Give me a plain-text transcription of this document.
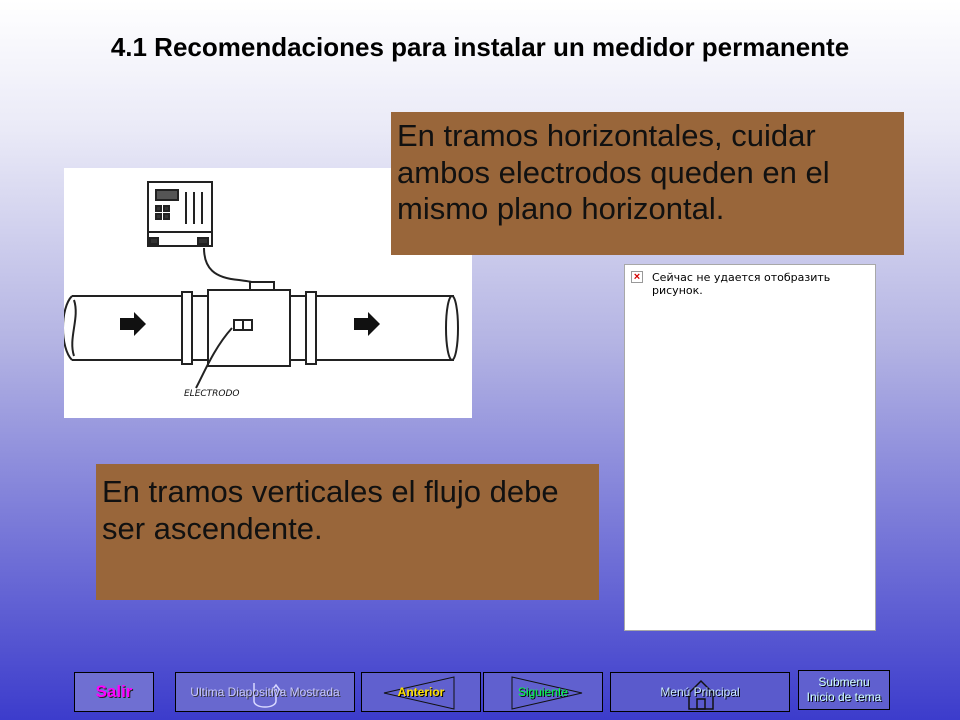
4.1 Recomendaciones para instalar un medidor permanente
ELECTRODO
En tramos horizontales, cuidar ambos electrodos queden en el mismo plano horizontal.
En tramos verticales el flujo debe ser ascendente.
× Сейчас не удается отобразить рисунок.
Salir	Ultima Diapositiva Mostrada	Anterior	Siguiente	Menú Principal
Submenu
Inicio de tema
